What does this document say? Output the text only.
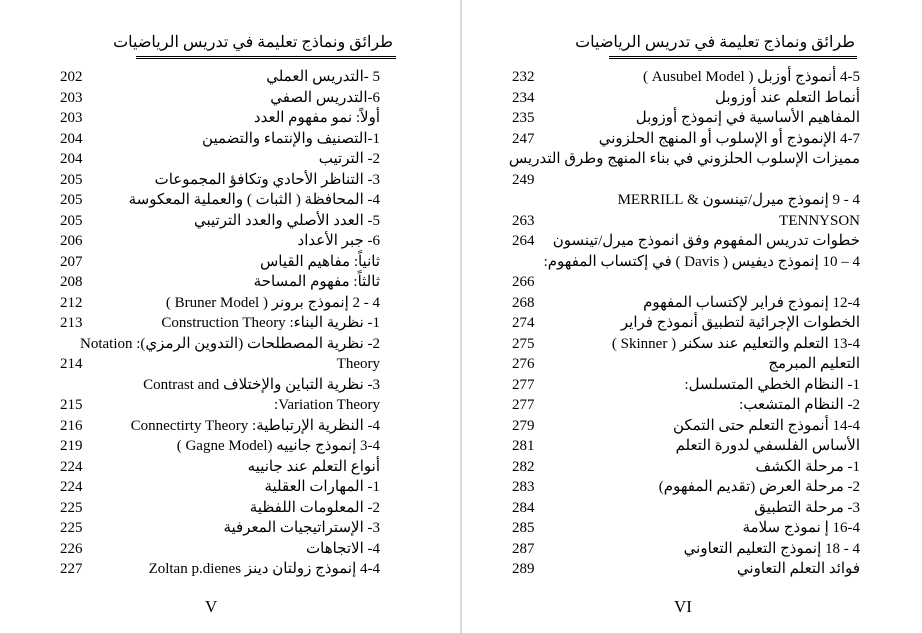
طرائق ونماذج تعليمة في تدريس الرياضيات
202	5 -التدريس العملي
203	6-التدريس الصفي
203	أولاً: نمو مفهوم العدد
204	1-التصنيف والإنتماء والتضمين
204	2- الترتيب
205	3- التناظر الأحادي وتكافؤ المجموعات
205	4- المحافظة ( الثبات ) والعملية المعكوسة
205	5- العدد الأصلي والعدد الترتيبي
206	6- جبر الأعداد
207	ثانياً: مفاهيم القياس
208	ثالثاً: مفهوم المساحة
212	4 - 2 إنموذج برونر ( Bruner Model )
213	1- نظرية البناء: Construction Theory
2- نظرية المصطلحات (التدوين الرمزي): Notation
214	Theory
3- نظرية التباين والإختلاف Contrast and
215	Variation Theory:
216	4- النظرية الإرتباطية: Connectirty Theory
219	3-4 إنموذج جانييه (Gagne Model )
224	أنواع التعلم عند جانييه
224	1- المهارات العقلية
225	2- المعلومات اللفظية
225	3- الإستراتيجيات المعرفية
226	4- الاتجاهات
227	4-4 إنموذج زولتان دينز Zoltan p.dienes
V
طرائق ونماذج تعليمة في تدريس الرياضيات
232	4-5 أنموذج أوزبل ( Ausubel Model )
234	أنماط التعلم عند أوزوبل
235	المفاهيم الأساسية في إنموذج أوزوبل
247	4-7 الإنموذج أو الإسلوب أو المنهج الحلزوني
مميزات الإسلوب الحلزوني في بناء المنهج وطرق التدريس
249
4 - 9 إنموذج ميرل/تينسون & MERRILL
263	TENNYSON
264 خطوات تدريس المفهوم وفق انموذج ميرل/تينسون
4 – 10 إنموذج ديفيس ( Davis ) في إكتساب المفهوم:
266
268	12-4 إنموذج فراير لإكتساب المفهوم
274	الخطوات الإجرائية لتطبيق أنموذج فراير
275	13-4 التعلم والتعليم عند سكنر ( Skinner )
276	التعليم المبرمج
277	1- النظام الخطي المتسلسل:
277	2- النظام المتشعب:
279	14-4 أنموذج التعلم حتى التمكن
281	الأساس الفلسفي لدورة التعلم
282	1- مرحلة الكشف
283	2- مرحلة العرض (تقديم المفهوم)
284	3- مرحلة التطبيق
285	16-4 إ نموذج سلامة
287	4 - 18 إنموذج التعليم التعاوني
289	فوائد التعلم التعاوني
VI
